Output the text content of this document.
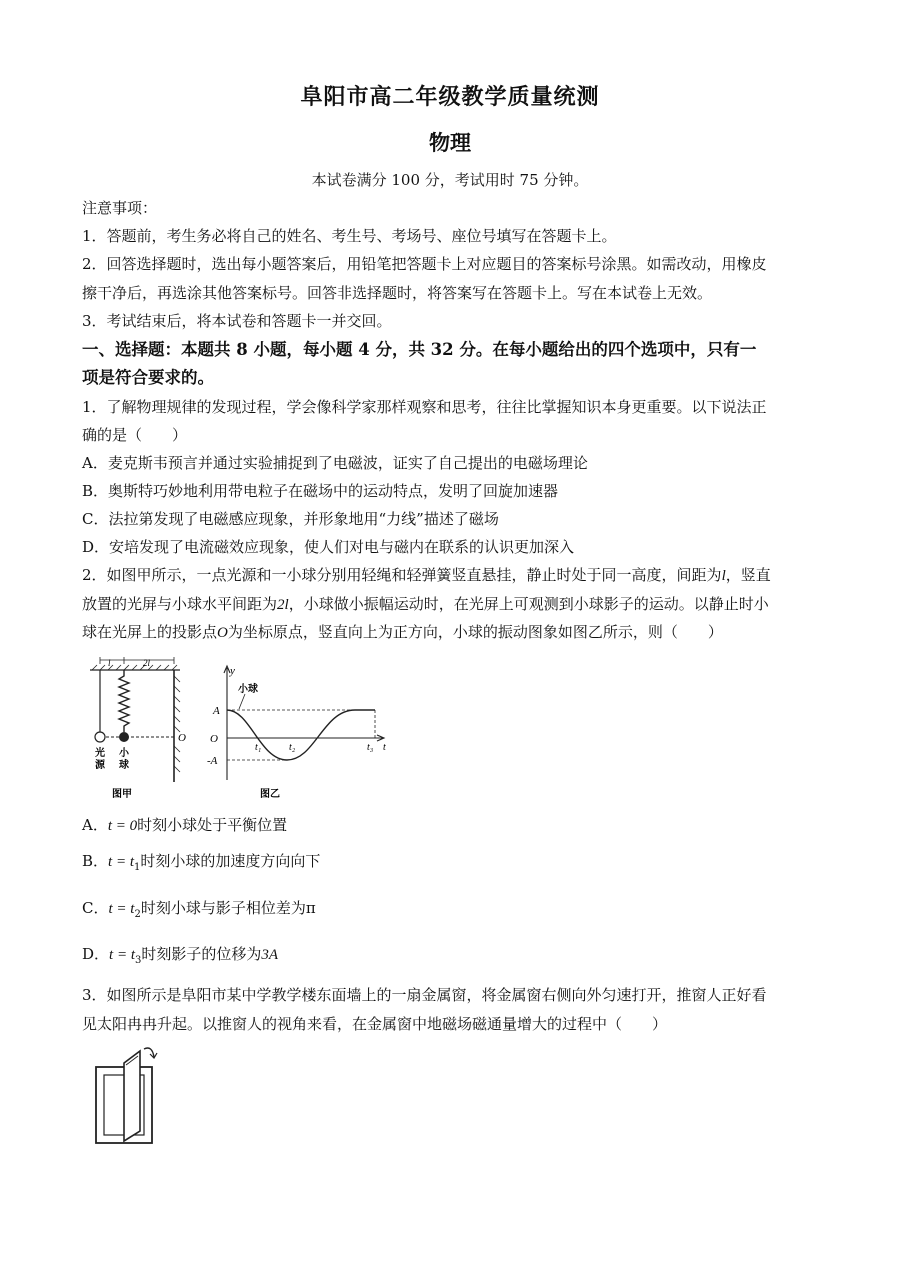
阜阳市高二年级教学质量统测
物理
本试卷满分 100 分，考试用时 75 分钟。
注意事项：
1．答题前，考生务必将自己的姓名、考生号、考场号、座位号填写在答题卡上。
2．回答选择题时，选出每小题答案后，用铅笔把答题卡上对应题目的答案标号涂黑。如需改动，用橡皮
擦干净后，再选涂其他答案标号。回答非选择题时，将答案写在答题卡上。写在本试卷上无效。
3．考试结束后，将本试卷和答题卡一并交回。
一、选择题：本题共 8 小题，每小题 4 分，共 32 分。在每小题给出的四个选项中，只有一
项是符合要求的。
1．了解物理规律的发现过程，学会像科学家那样观察和思考，往往比掌握知识本身更重要。以下说法正
确的是（　　）
A．麦克斯韦预言并通过实验捕捉到了电磁波，证实了自己提出的电磁场理论
B．奥斯特巧妙地利用带电粒子在磁场中的运动特点，发明了回旋加速器
C．法拉第发现了电磁感应现象，并形象地用“力线”描述了磁场
D．安培发现了电流磁效应现象，使人们对电与磁内在联系的认识更加深入
2．如图甲所示，一点光源和一小球分别用轻绳和轻弹簧竖直悬挂，静止时处于同一高度，间距为l，竖直
放置的光屏与小球水平间距为2l，小球做小振幅运动时，在光屏上可观测到小球影子的运动。以静止时小
球在光屏上的投影点O为坐标原点，竖直向上为正方向，小球的振动图象如图乙所示，则（　　）
l	2l
O
光
源
小
球
图甲
y
小球
A
O
-A
t₁	t₂	t₃ t
图乙
A．t = 0时刻小球处于平衡位置
B．$t = t_1$时刻小球的加速度方向向下
C．$t = t_2$时刻小球与影子相位差为π
D．$t = t_3$时刻影子的位移为3A
3．如图所示是阜阳市某中学教学楼东面墙上的一扇金属窗，将金属窗右侧向外匀速打开，推窗人正好看
见太阳冉冉升起。以推窗人的视角来看，在金属窗中地磁场磁通量增大的过程中（　　）
